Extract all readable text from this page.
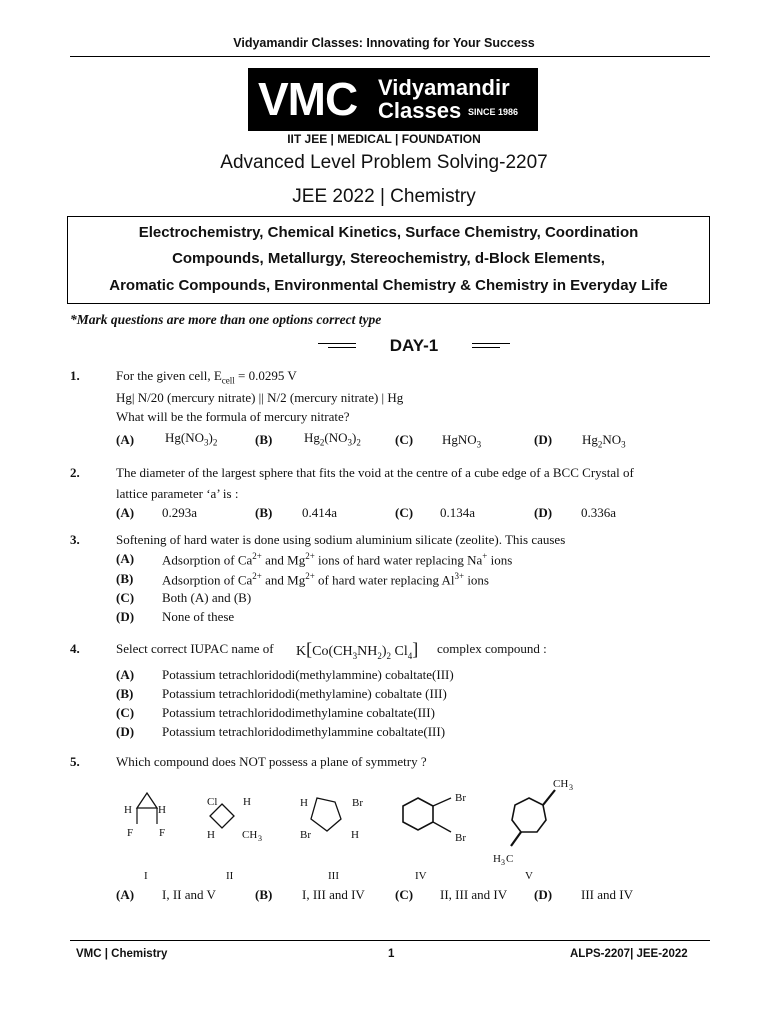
Vidyamandir Classes: Innovating for Your Success
VMC Vidyamandir
Classes SINCE 1986
IIT JEE | MEDICAL | FOUNDATION
Advanced Level Problem Solving-2207
JEE 2022 | Chemistry
Electrochemistry, Chemical Kinetics, Surface Chemistry, Coordination
Compounds, Metallurgy, Stereochemistry, d-Block Elements,
Aromatic Compounds, Environmental Chemistry & Chemistry in Everyday Life
*Mark questions are more than one options correct type
DAY-1
1.	For the given cell, $E_{cell} = 0.0295$ V
Hg| N/20 (mercury nitrate) || N/2 (mercury nitrate) | Hg
What will be the formula of mercury nitrate?
(A) $Hg(NO_3)_2$	(B) $Hg_2(NO_3)_2$	(C) HgNO$_3$	(D) $Hg_2NO_3$
2.	The diameter of the largest sphere that fits the void at the centre of a cube edge of a BCC Crystal of
lattice parameter ‘a’ is :
(A) 0.293a	(B) 0.414a	(C) 0.134a	(D) 0.336a
3.	Softening of hard water is done using sodium aluminium silicate (zeolite). This causes
(A) Adsorption of $Ca^{2+}$ and $Mg^{2+}$ ions of hard water replacing Na+ ions
(B) Adsorption of $Ca^{2+}$ and $Mg^{2+}$ of hard water replacing $Al^{3+}$ ions
(C) Both (A) and (B)
(D) None of these
4.	Select correct IUPAC name of $K[Co(CH_3NH_2)_2$ $Cl_4$] complex compound :
(A) Potassium tetrachloridodi(methylammine) cobaltate(III)
(B) Potassium tetrachloridodi(methylamine) cobaltate (III)
(C) Potassium tetrachloridodimethylamine cobaltate(III)
(D) Potassium tetrachloridodimethylammine cobaltate(III)
5.	Which compound does NOT possess a plane of symmetry ?
H H
F F
Cl H
H CH 3
H	Br
Br	H
Br
Br
CH 3
H 3 C
I	II	III	IV	V
(A) I, II and V	(B) I, III and IV (C) II, III and IV (D) III and IV
VMC | Chemistry	1	ALPS-2207| JEE-2022
